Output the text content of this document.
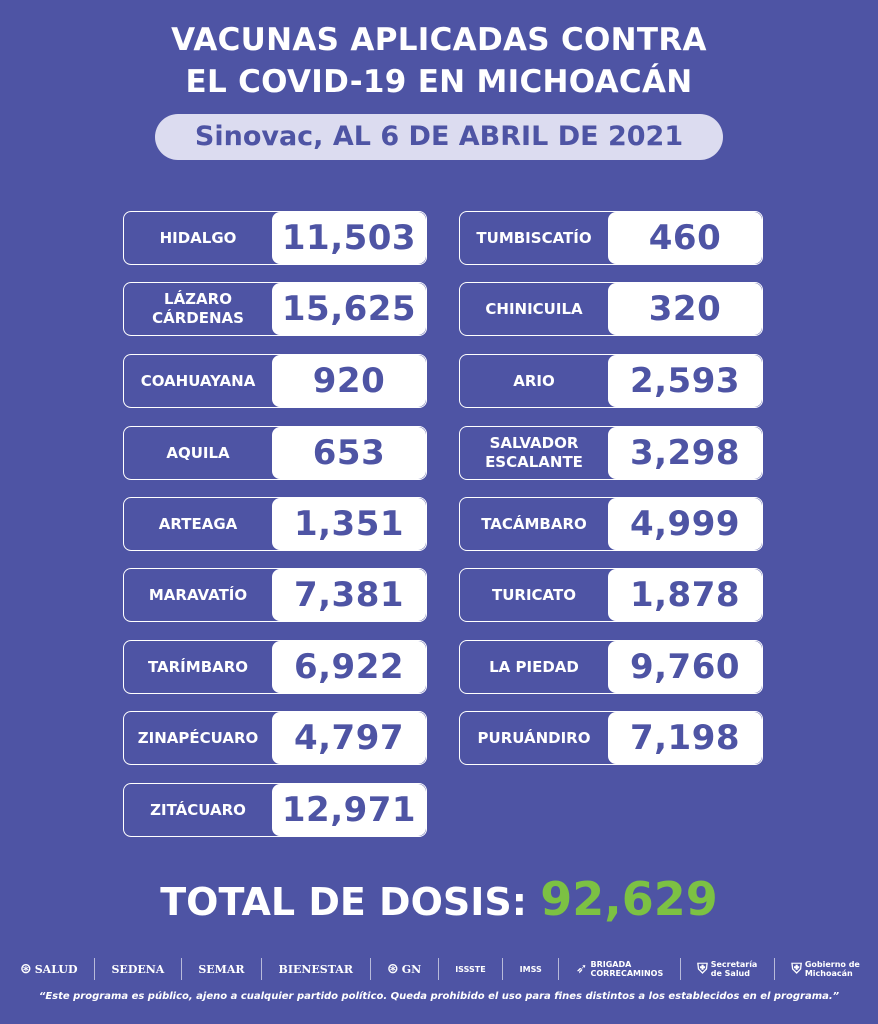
VACUNAS APLICADAS CONTRA
EL COVID-19 EN MICHOACÁN
Sinovac, AL 6 DE ABRIL DE 2021
HIDALGO	11,503
LÁZARO
CÁRDENAS	15,625
COAHUAYANA	920
AQUILA	653
ARTEAGA	1,351
MARAVATÍO	7,381
TARÍMBARO	6,922
ZINAPÉCUARO	4,797
ZITÁCUARO	12,971
TUMBISCATÍO	460
CHINICUILA	320
ARIO	2,593
SALVADOR
ESCALANTE	3,298
TACÁMBARO	4,999
TURICATO	1,878
LA PIEDAD	9,760
PURUÁNDIRO	7,198
TOTAL DE DOSIS: 92,629
⊛ SALUD	SEDENA	SEMAR	BIENESTAR ⊛ GN	ISSSTE	IMSS ➶ BRIGADA
CORRECAMINOS ⛨ Secretaría
de Salud	⛨ Gobierno de
Michoacán
“Este programa es público, ajeno a cualquier partido político. Queda prohibido el uso para fines distintos a los establecidos en el programa.”
